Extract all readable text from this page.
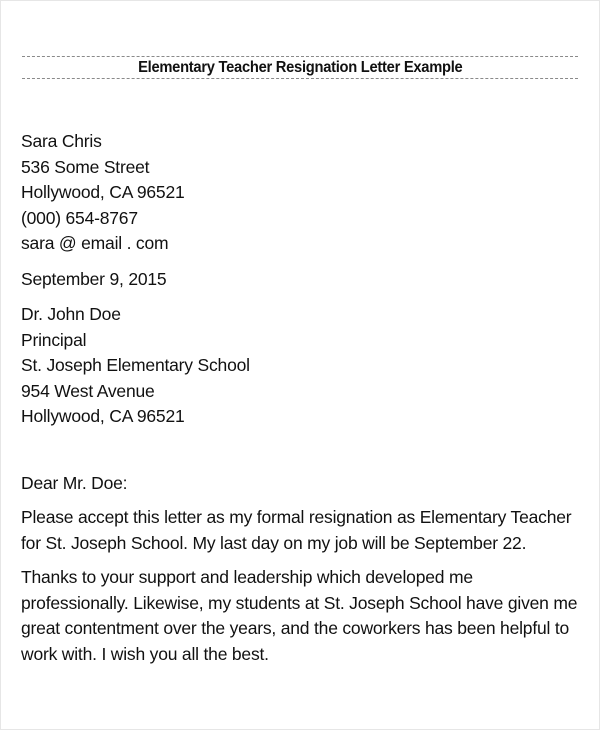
Elementary Teacher Resignation Letter Example
Sara Chris
536 Some Street
Hollywood, CA 96521
(000) 654-8767
sara @ email . com
September 9, 2015
Dr. John Doe
Principal
St. Joseph Elementary School
954 West Avenue
Hollywood, CA 96521
Dear Mr. Doe:

Please accept this letter as my formal resignation as Elementary Teacher for St. Joseph School. My last day on my job will be September 22.

Thanks to your support and leadership which developed me professionally. Likewise, my students at St. Joseph School have given me great contentment over the years, and the coworkers has been helpful to work with. I wish you all the best.
